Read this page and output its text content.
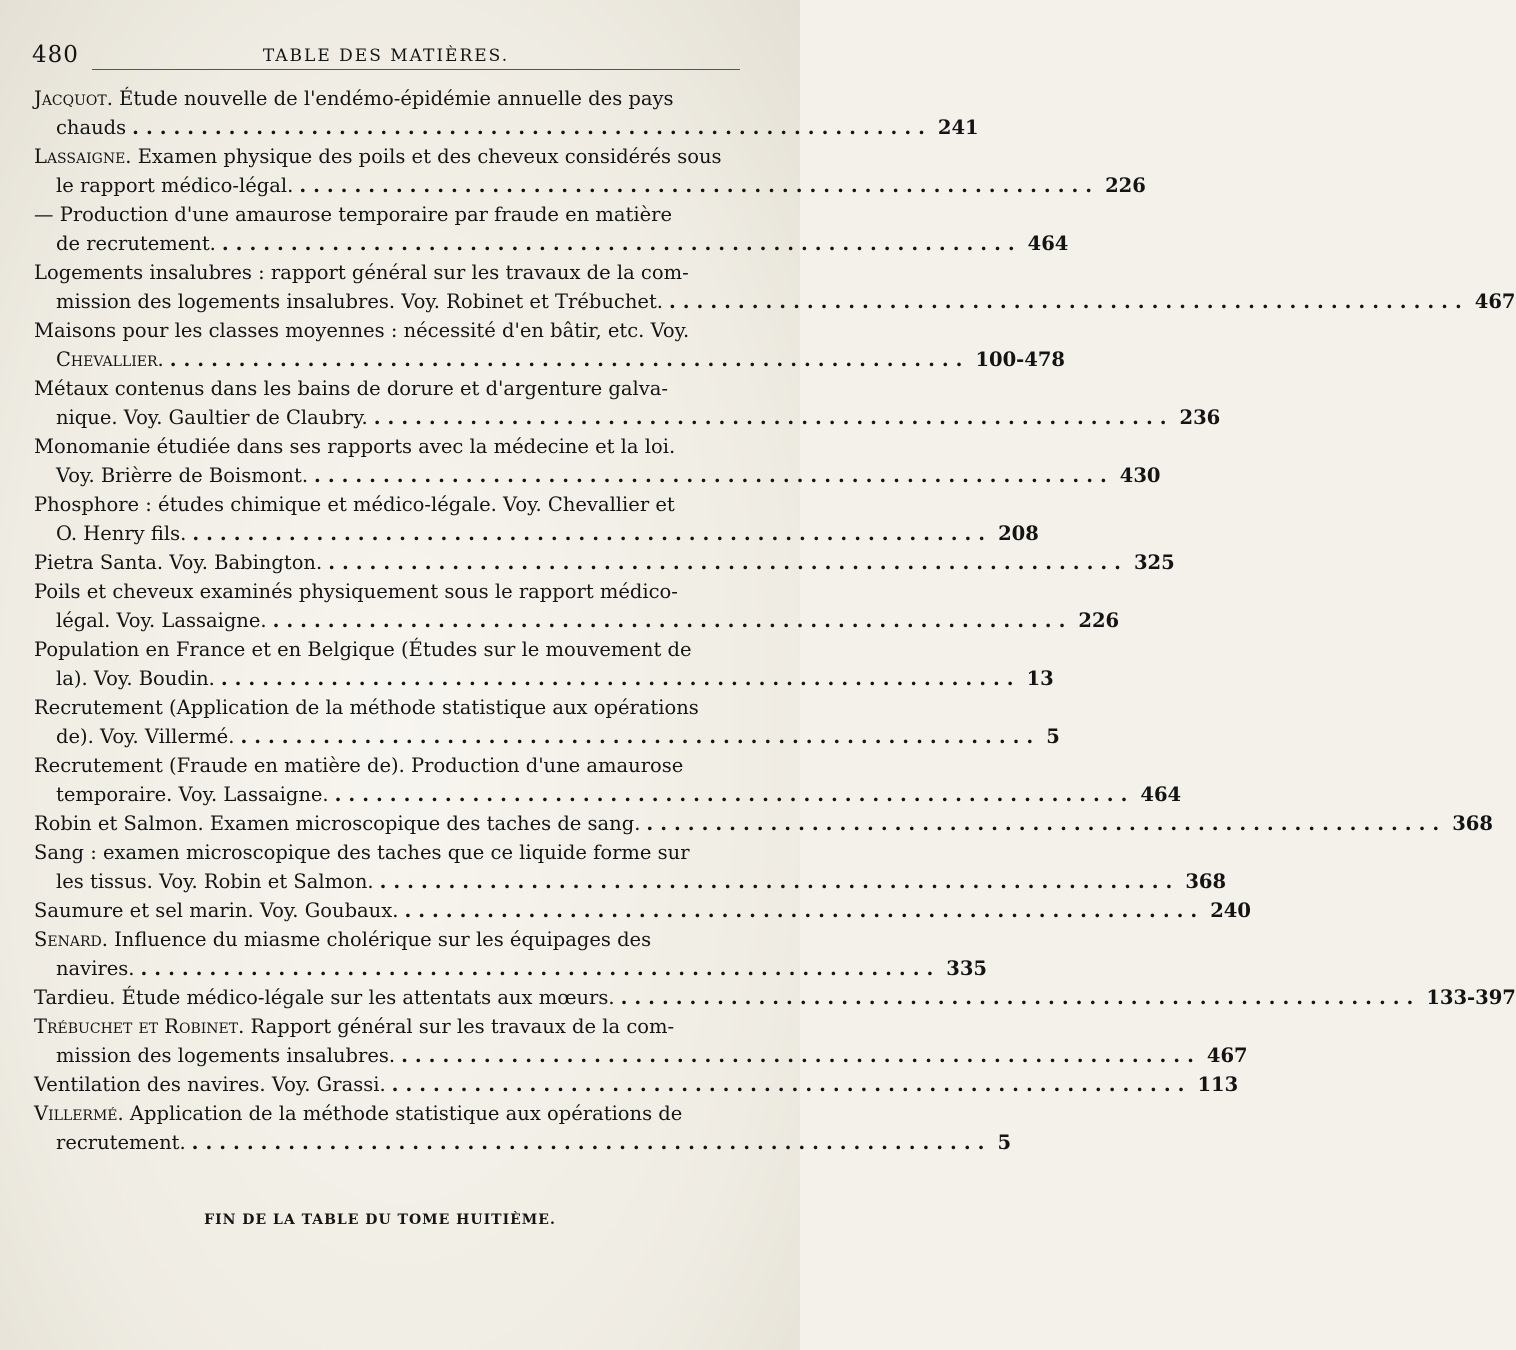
480	TABLE DES MATIÈRES.
Jacquot. Étude nouvelle de l'endémo-épidémie annuelle des pays
chauds .......................................................... 241
Lassaigne. Examen physique des poils et des cheveux considérés sous
le rapport médico-légal. .......................................................... 226
— Production d'une amaurose temporaire par fraude en matière
de recrutement. .......................................................... 464
Logements insalubres : rapport général sur les travaux de la com-
mission des logements insalubres. Voy. Robinet et Trébuchet. .......................................................... 467
Maisons pour les classes moyennes : nécessité d'en bâtir, etc. Voy.
Chevallier. .......................................................... 100-478
Métaux contenus dans les bains de dorure et d'argenture galva-
nique. Voy. Gaultier de Claubry. .......................................................... 236
Monomanie étudiée dans ses rapports avec la médecine et la loi.
Voy. Brièrre de Boismont. .......................................................... 430
Phosphore : études chimique et médico-légale. Voy. Chevallier et
O. Henry fils. .......................................................... 208
Pietra Santa. Voy. Babington. .......................................................... 325
Poils et cheveux examinés physiquement sous le rapport médico-
légal. Voy. Lassaigne. .......................................................... 226
Population en France et en Belgique (Études sur le mouvement de
la). Voy. Boudin. .......................................................... 13
Recrutement (Application de la méthode statistique aux opérations
de). Voy. Villermé. .......................................................... 5
Recrutement (Fraude en matière de). Production d'une amaurose
temporaire. Voy. Lassaigne. .......................................................... 464
Robin et Salmon. Examen microscopique des taches de sang. .......................................................... 368
Sang : examen microscopique des taches que ce liquide forme sur
les tissus. Voy. Robin et Salmon. .......................................................... 368
Saumure et sel marin. Voy. Goubaux. .......................................................... 240
Senard. Influence du miasme cholérique sur les équipages des
navires. .......................................................... 335
Tardieu. Étude médico-légale sur les attentats aux mœurs. .......................................................... 133-397
Trébuchet et Robinet. Rapport général sur les travaux de la com-
mission des logements insalubres. .......................................................... 467
Ventilation des navires. Voy. Grassi. .......................................................... 113
Villermé. Application de la méthode statistique aux opérations de
recrutement. .......................................................... 5
FIN DE LA TABLE DU TOME HUITIÈME.
